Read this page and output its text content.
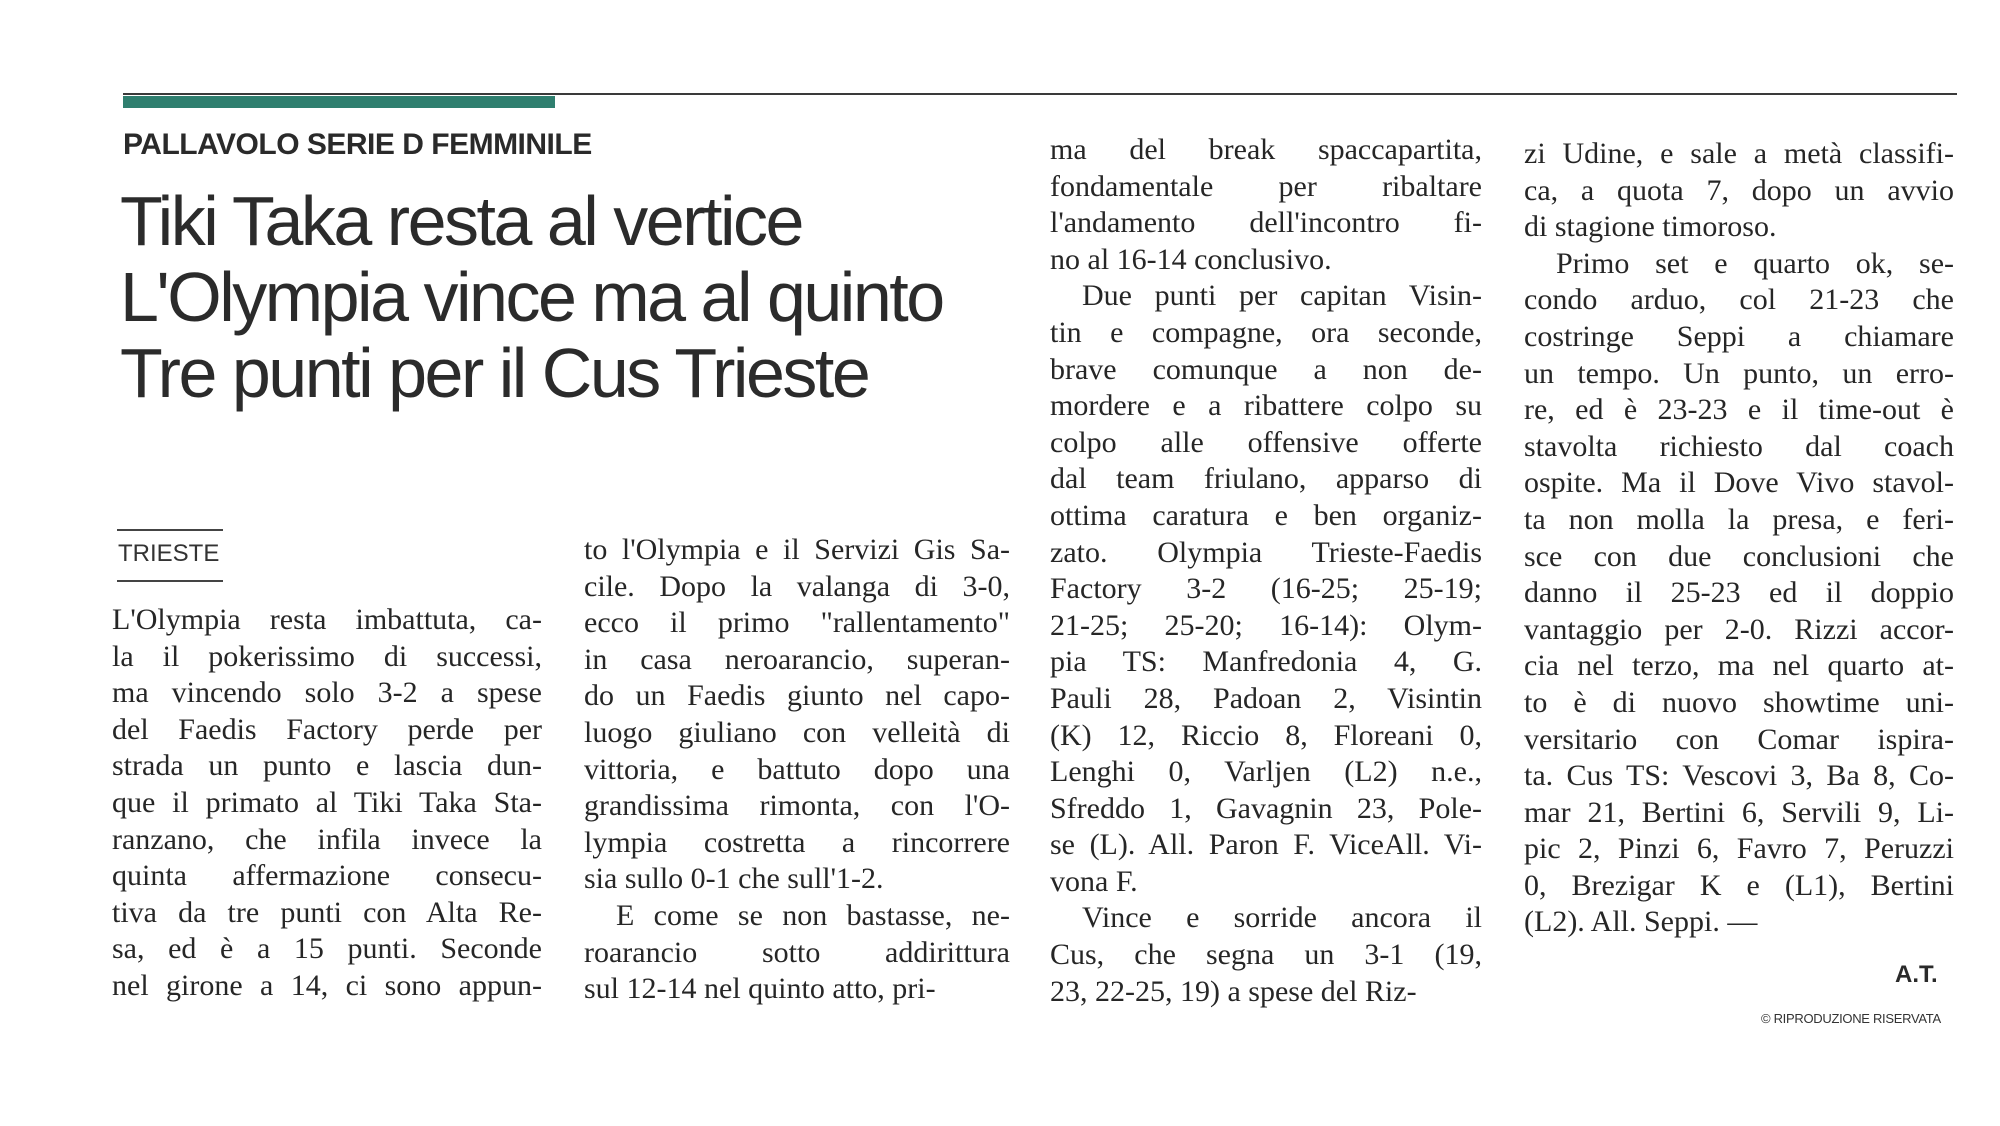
PALLAVOLO SERIE D FEMMINILE
Tiki Taka resta al vertice
L'Olympia vince ma al quinto
Tre punti per il Cus Trieste
TRIESTE
L'Olympia resta imbattuta, ca-
la il pokerissimo di successi,
ma vincendo solo 3-2 a spese
del Faedis Factory perde per
strada un punto e lascia dun-
que il primato al Tiki Taka Sta-
ranzano, che infila invece la
quinta affermazione consecu-
tiva da tre punti con Alta Re-
sa, ed è a 15 punti. Seconde
nel girone a 14, ci sono appun-
to l'Olympia e il Servizi Gis Sa-
cile. Dopo la valanga di 3-0,
ecco il primo "rallentamento"
in casa neroarancio, superan-
do un Faedis giunto nel capo-
luogo giuliano con velleità di
vittoria, e battuto dopo una
grandissima rimonta, con l'O-
lympia costretta a rincorrere
sia sullo 0-1 che sull'1-2.
E come se non bastasse, ne-
roarancio sotto addirittura
sul 12-14 nel quinto atto, pri-
ma del break spaccapartita,
fondamentale per ribaltare
l'andamento dell'incontro fi-
no al 16-14 conclusivo.
Due punti per capitan Visin-
tin e compagne, ora seconde,
brave comunque a non de-
mordere e a ribattere colpo su
colpo alle offensive offerte
dal team friulano, apparso di
ottima caratura e ben organiz-
zato. Olympia Trieste-Faedis
Factory 3-2 (16-25; 25-19;
21-25; 25-20; 16-14): Olym-
pia TS: Manfredonia 4, G.
Pauli 28, Padoan 2, Visintin
(K) 12, Riccio 8, Floreani 0,
Lenghi 0, Varljen (L2) n.e.,
Sfreddo 1, Gavagnin 23, Pole-
se (L). All. Paron F. ViceAll. Vi-
vona F.
Vince e sorride ancora il
Cus, che segna un 3-1 (19,
23, 22-25, 19) a spese del Riz-
zi Udine, e sale a metà classifi-
ca, a quota 7, dopo un avvio
di stagione timoroso.
Primo set e quarto ok, se-
condo arduo, col 21-23 che
costringe Seppi a chiamare
un tempo. Un punto, un erro-
re, ed è 23-23 e il time-out è
stavolta richiesto dal coach
ospite. Ma il Dove Vivo stavol-
ta non molla la presa, e feri-
sce con due conclusioni che
danno il 25-23 ed il doppio
vantaggio per 2-0. Rizzi accor-
cia nel terzo, ma nel quarto at-
to è di nuovo showtime uni-
versitario con Comar ispira-
ta. Cus TS: Vescovi 3, Ba 8, Co-
mar 21, Bertini 6, Servili 9, Li-
pic 2, Pinzi 6, Favro 7, Peruzzi
0, Brezigar K e (L1), Bertini
(L2). All. Seppi. —
A.T.
© RIPRODUZIONE RISERVATA
